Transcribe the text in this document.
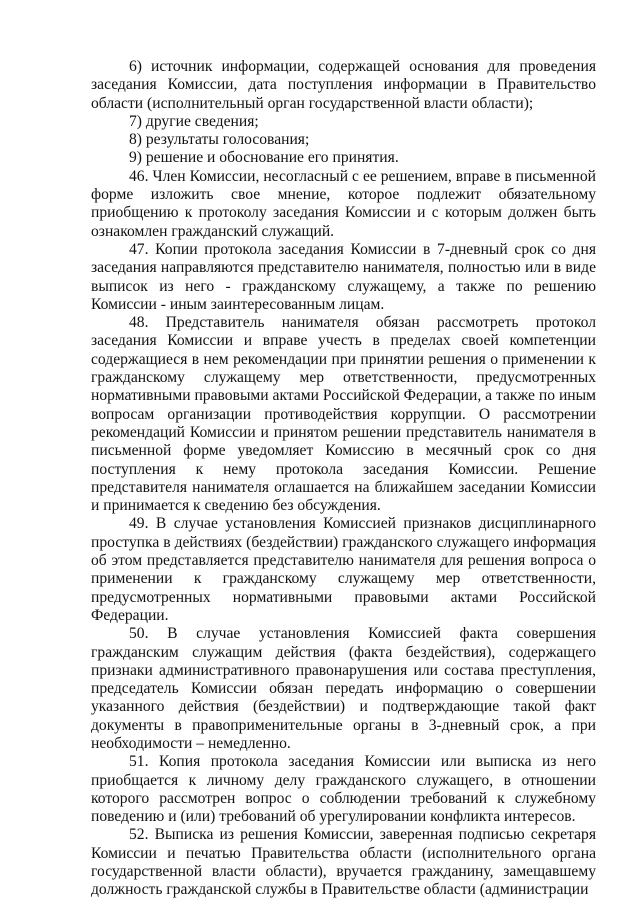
6) источник информации, содержащей основания для проведения заседания Комиссии, дата поступления информации в Правительство области (исполнительный орган государственной власти области);

7) другие сведения;

8) результаты голосования;

9) решение и обоснование его принятия.

46. Член Комиссии, несогласный с ее решением, вправе в письменной форме изложить свое мнение, которое подлежит обязательному приобщению к протоколу заседания Комиссии и с которым должен быть ознакомлен гражданский служащий.

47. Копии протокола заседания Комиссии в 7-дневный срок со дня заседания направляются представителю нанимателя, полностью или в виде выписок из него - гражданскому служащему, а также по решению Комиссии - иным заинтересованным лицам.

48. Представитель нанимателя обязан рассмотреть протокол заседания Комиссии и вправе учесть в пределах своей компетенции содержащиеся в нем рекомендации при принятии решения о применении к гражданскому служащему мер ответственности, предусмотренных нормативными правовыми актами Российской Федерации, а также по иным вопросам организации противодействия коррупции. О рассмотрении рекомендаций Комиссии и принятом решении представитель нанимателя в письменной форме уведомляет Комиссию в месячный срок со дня поступления к нему протокола заседания Комиссии. Решение представителя нанимателя оглашается на ближайшем заседании Комиссии и принимается к сведению без обсуждения.

49. В случае установления Комиссией признаков дисциплинарного проступка в действиях (бездействии) гражданского служащего информация об этом представляется представителю нанимателя для решения вопроса о применении к гражданскому служащему мер ответственности, предусмотренных нормативными правовыми актами Российской Федерации.

50. В случае установления Комиссией факта совершения гражданским служащим действия (факта бездействия), содержащего признаки административного правонарушения или состава преступления, председатель Комиссии обязан передать информацию о совершении указанного действия (бездействии) и подтверждающие такой факт документы в правоприменительные органы в 3-дневный срок, а при необходимости – немедленно.

51. Копия протокола заседания Комиссии или выписка из него приобщается к личному делу гражданского служащего, в отношении которого рассмотрен вопрос о соблюдении требований к служебному поведению и (или) требований об урегулировании конфликта интересов.

52. Выписка из решения Комиссии, заверенная подписью секретаря Комиссии и печатью Правительства области (исполнительного органа государственной власти области), вручается гражданину, замещавшему должность гражданской службы в Правительстве области (администрации
